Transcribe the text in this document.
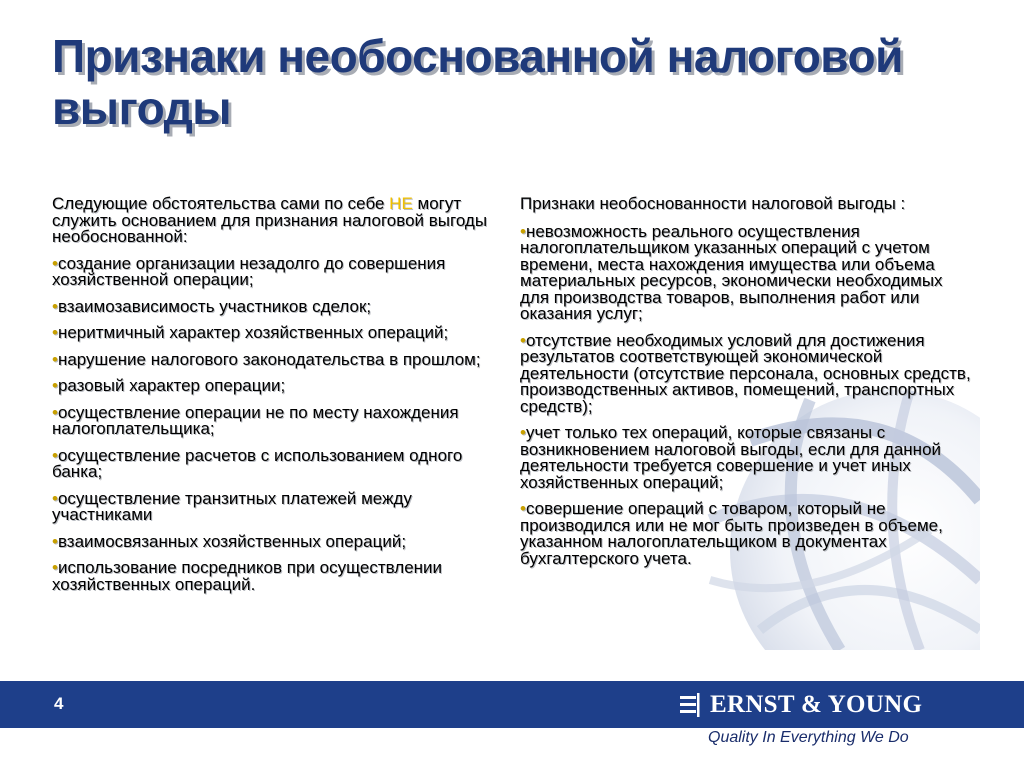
Признаки необоснованной налоговой выгоды

Следующие обстоятельства сами по себе НЕ могут служить основанием для признания налоговой выгоды необоснованной:

•создание организации незадолго до совершения хозяйственной операции;
•взаимозависимость участников сделок;
•неритмичный характер хозяйственных операций;
•нарушение налогового законодательства в прошлом;
•разовый характер операции;
•осуществление операции не по месту нахождения налогоплательщика;
•осуществление расчетов с использованием одного банка;
•осуществление транзитных платежей между участниками
•взаимосвязанных хозяйственных операций;
•использование посредников при осуществлении хозяйственных операций.

Признаки необоснованности налоговой выгоды :

•невозможность реального осуществления налогоплательщиком указанных операций с учетом времени, места нахождения имущества или объема материальных ресурсов, экономически необходимых для производства товаров, выполнения работ или оказания услуг;
•отсутствие необходимых условий для достижения результатов соответствующей экономической деятельности (отсутствие персонала, основных средств, производственных активов, помещений, транспортных средств);
•учет только тех операций, которые связаны с возникновением налоговой выгоды, если для данной деятельности требуется совершение и учет иных хозяйственных операций;
•совершение операций с товаром, который не производился или не мог быть произведен в объеме, указанном налогоплательщиком в документах бухгалтерского учета.
4	ERNST & YOUNG
Quality In Everything We Do
